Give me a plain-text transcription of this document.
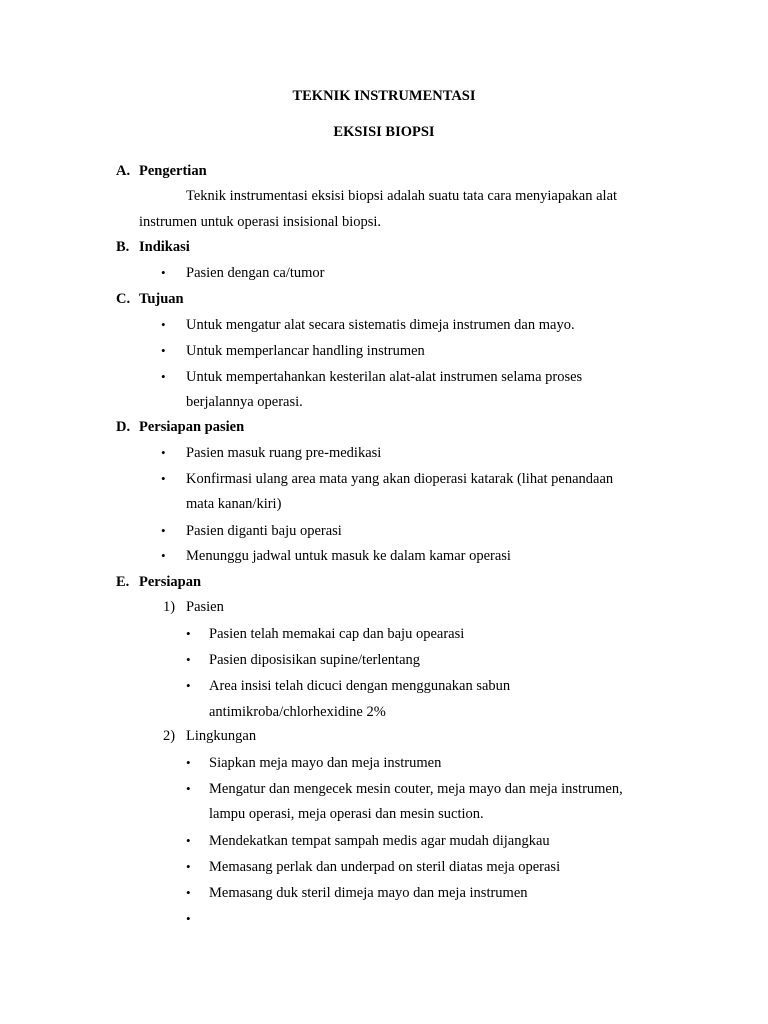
TEKNIK INSTRUMENTASI
EKSISI BIOPSI
A. Pengertian
Teknik instrumentasi eksisi biopsi adalah suatu tata cara menyiapakan alat
instrumen untuk operasi insisional biopsi.
B. Indikasi
• Pasien dengan ca/tumor
C. Tujuan
• Untuk mengatur alat secara sistematis dimeja instrumen dan mayo.
• Untuk memperlancar handling instrumen
• Untuk mempertahankan kesterilan alat-alat instrumen selama proses
berjalannya operasi.
D. Persiapan pasien
• Pasien masuk ruang pre-medikasi
• Konfirmasi ulang area mata yang akan dioperasi katarak (lihat penandaan
mata kanan/kiri)
• Pasien diganti baju operasi
• Menunggu jadwal untuk masuk ke dalam kamar operasi
E. Persiapan
1) Pasien
• Pasien telah memakai cap dan baju opearasi
• Pasien diposisikan supine/terlentang
• Area insisi telah dicuci dengan menggunakan sabun
antimikroba/chlorhexidine 2%
2) Lingkungan
• Siapkan meja mayo dan meja instrumen
• Mengatur dan mengecek mesin couter, meja mayo dan meja instrumen,
lampu operasi, meja operasi dan mesin suction.
• Mendekatkan tempat sampah medis agar mudah dijangkau
• Memasang perlak dan underpad on steril diatas meja operasi
• Memasang duk steril dimeja mayo dan meja instrumen
•
